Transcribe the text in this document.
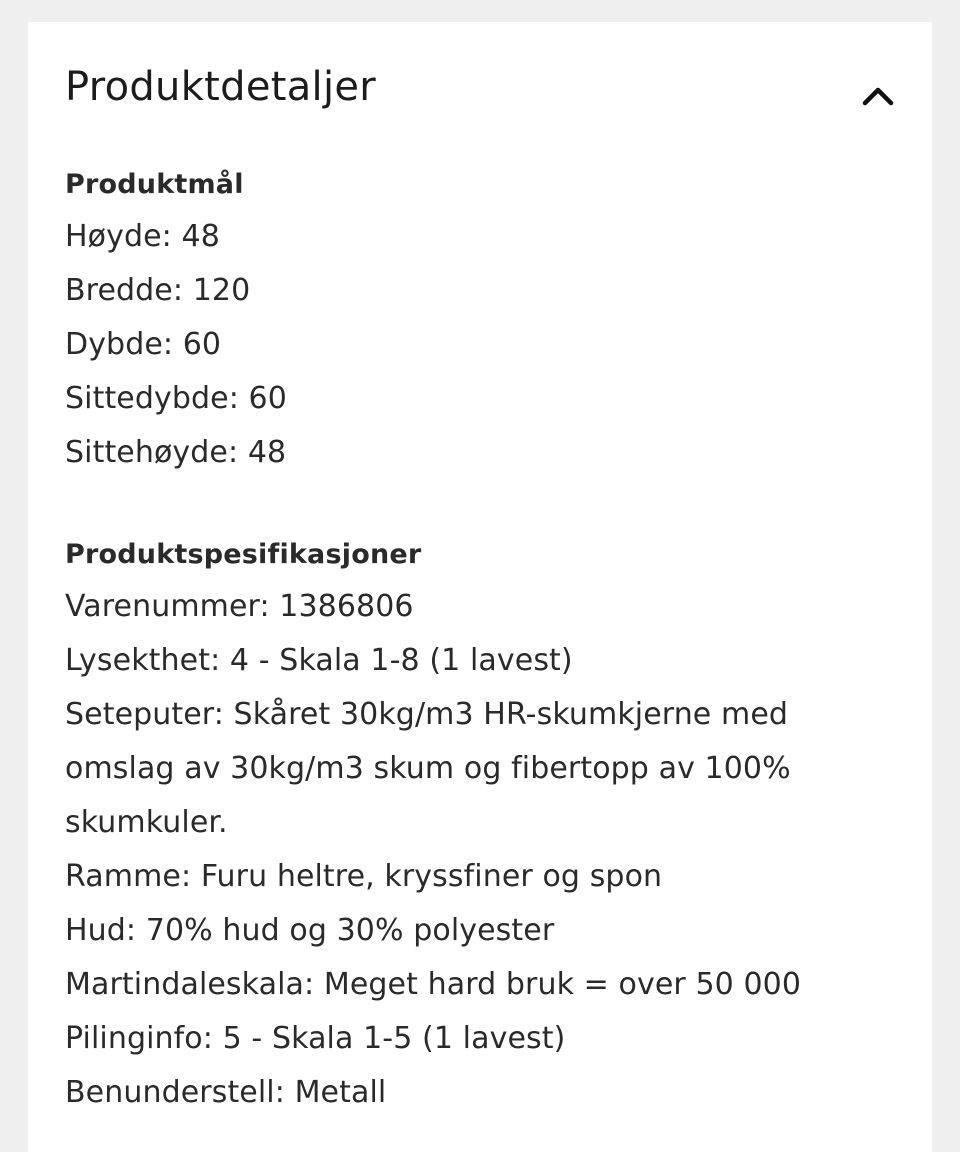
Produktdetaljer
Produktmål
Høyde: 48
Bredde: 120
Dybde: 60
Sittedybde: 60
Sittehøyde: 48
Produktspesifikasjoner
Varenummer: 1386806
Lysekthet: 4 - Skala 1-8 (1 lavest)
Seteputer: Skåret 30kg/m3 HR-skumkjerne med omslag av 30kg/m3 skum og fibertopp av 100% skumkuler.
Ramme: Furu heltre, kryssfiner og spon
Hud: 70% hud og 30% polyester
Martindaleskala: Meget hard bruk = over 50 000
Pilinginfo: 5 - Skala 1-5 (1 lavest)
Benunderstell: Metall
